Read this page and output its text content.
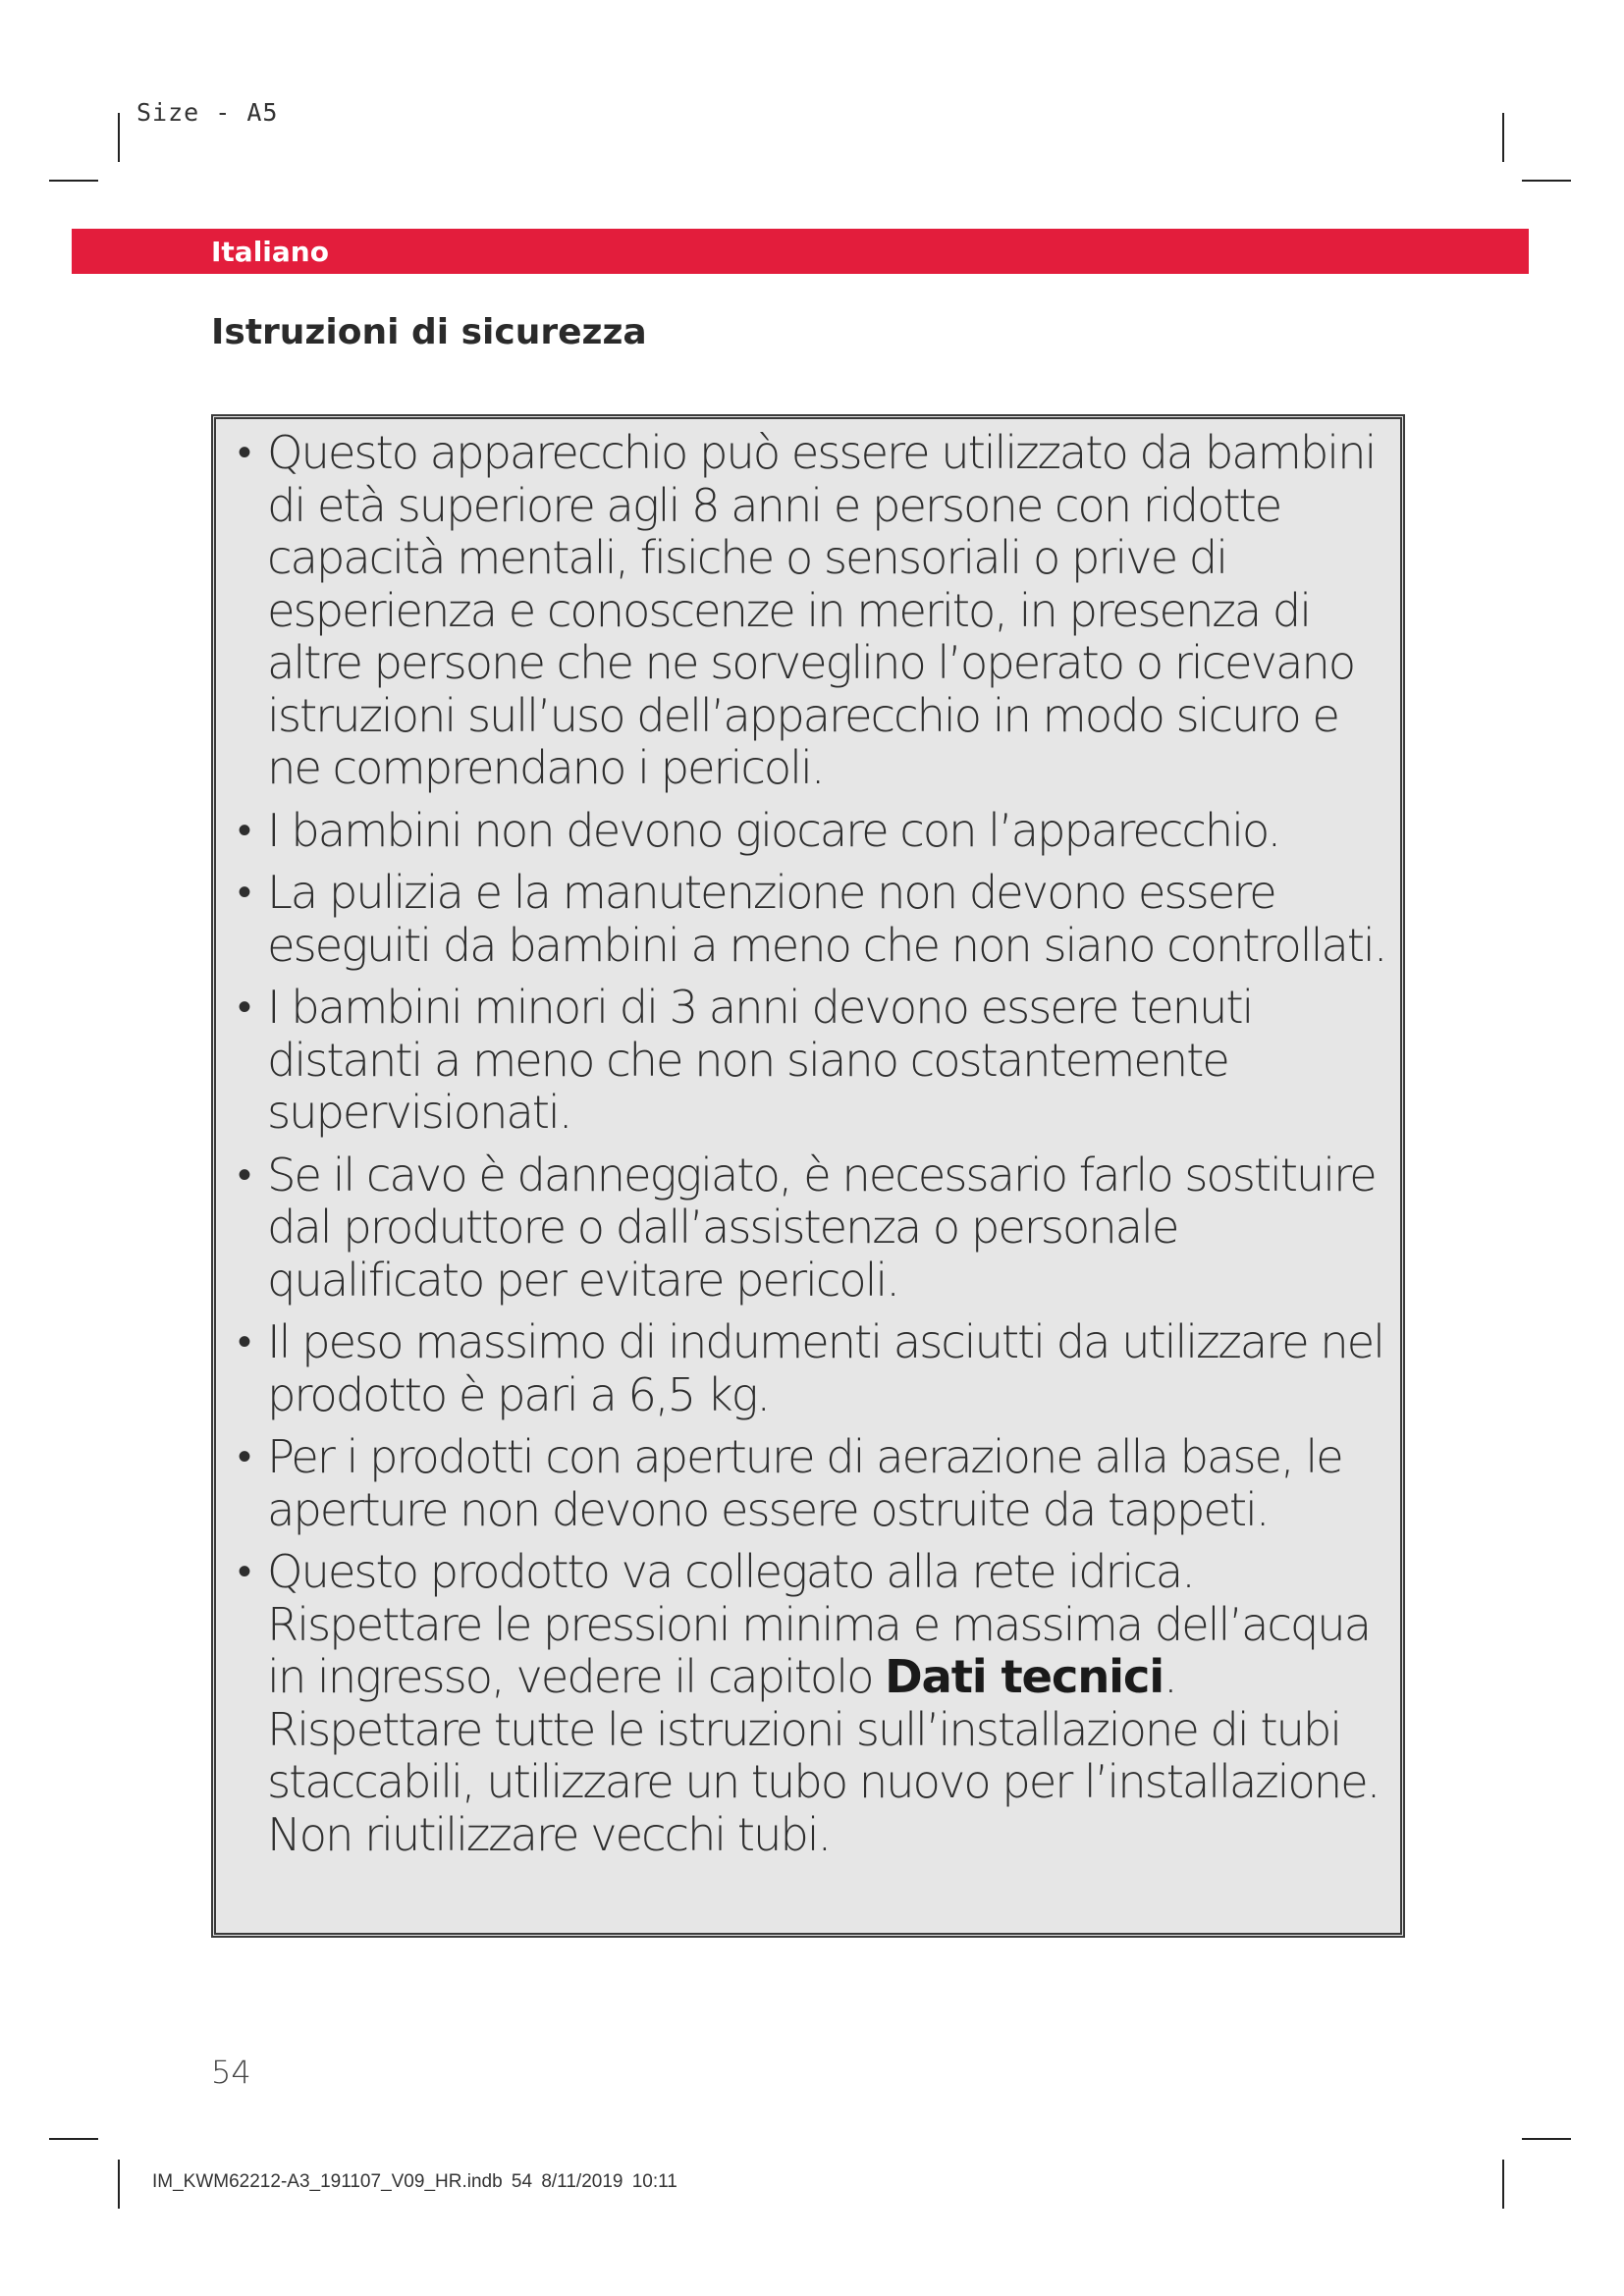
Size - A5
Italiano
Istruzioni di sicurezza
• Questo apparecchio può essere utilizzato da bambini di età superiore agli 8 anni e persone con ridotte capacità mentali, fisiche o sensoriali o prive di esperienza e conoscenze in merito, in presenza di altre persone che ne sorveglino l’operato o ricevano istruzioni sull’uso dell’apparecchio in modo sicuro e ne comprendano i pericoli.
• I bambini non devono giocare con l’apparecchio.
• La pulizia e la manutenzione non devono essere eseguiti da bambini a meno che non siano controllati.
• I bambini minori di 3 anni devono essere tenuti distanti a meno che non siano costantemente supervisionati.
• Se il cavo è danneggiato, è necessario farlo sostituire dal produttore o dall’assistenza o personale qualificato per evitare pericoli.
• Il peso massimo di indumenti asciutti da utilizzare nel prodotto è pari a 6,5 kg.
• Per i prodotti con aperture di aerazione alla base, le aperture non devono essere ostruite da tappeti.
• Questo prodotto va collegato alla rete idrica. Rispettare le pressioni minima e massima dell’acqua in ingresso, vedere il capitolo Dati tecnici. Rispettare tutte le istruzioni sull’installazione di tubi staccabili, utilizzare un tubo nuovo per l’installazione. Non riutilizzare vecchi tubi.
54
IM_KWM62212-A3_191107_V09_HR.indb 54 8/11/2019 10:11
